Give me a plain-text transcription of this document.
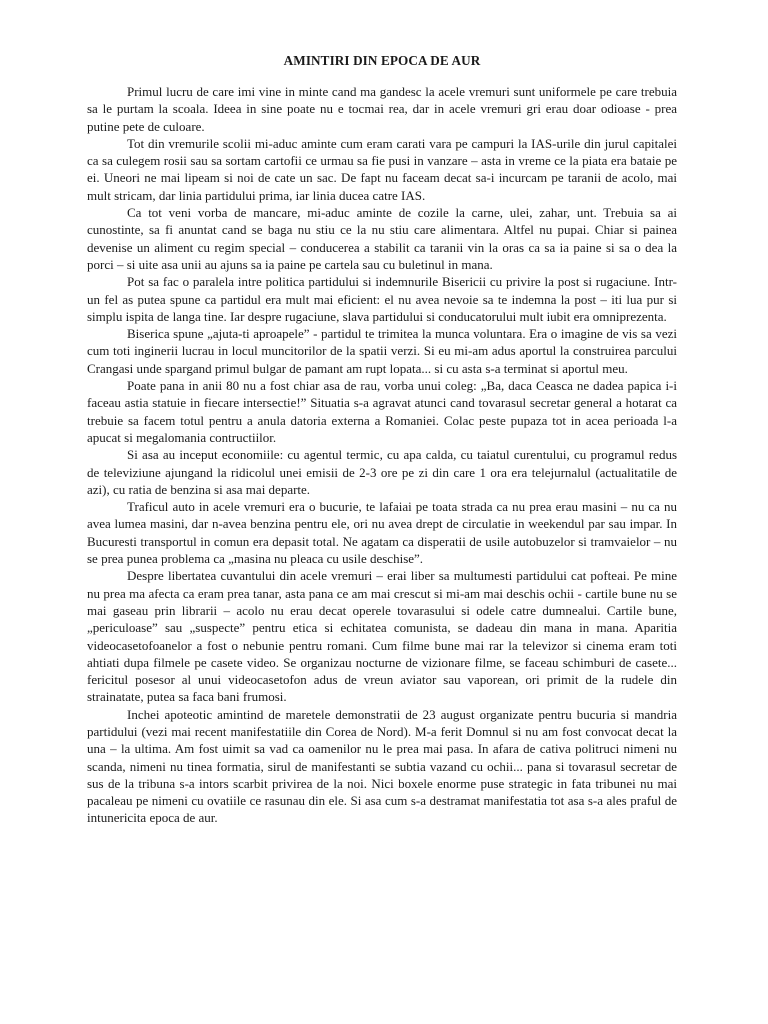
AMINTIRI DIN EPOCA DE AUR

Primul lucru de care imi vine in minte cand ma gandesc la acele vremuri sunt uniformele pe care trebuia sa le purtam la scoala. Ideea in sine poate nu e tocmai rea, dar in acele vremuri gri erau doar odioase - prea putine pete de culoare.

Tot din vremurile scolii mi-aduc aminte cum eram carati vara pe campuri la IAS-urile din jurul capitalei ca sa culegem rosii sau sa sortam cartofii ce urmau sa fie pusi in vanzare – asta in vreme ce la piata era bataie pe ei. Uneori ne mai lipeam si noi de cate un sac. De fapt nu faceam decat sa-i incurcam pe taranii de acolo, mai mult stricam, dar linia partidului prima, iar linia ducea catre IAS.

Ca tot veni vorba de mancare, mi-aduc aminte de cozile la carne, ulei, zahar, unt. Trebuia sa ai cunostinte, sa fi anuntat cand se baga nu stiu ce la nu stiu care alimentara. Altfel nu pupai. Chiar si painea devenise un aliment cu regim special – conducerea a stabilit ca taranii vin la oras ca sa ia paine si sa o dea la porci – si uite asa unii au ajuns sa ia paine pe cartela sau cu buletinul in mana.

Pot sa fac o paralela intre politica partidului si indemnurile Bisericii cu privire la post si rugaciune. Intr-un fel as putea spune ca partidul era mult mai eficient: el nu avea nevoie sa te indemna la post – iti lua pur si simplu ispita de langa tine. Iar despre rugaciune, slava partidului si conducatorului mult iubit era omniprezenta.

Biserica spune „ajuta-ti aproapele” - partidul te trimitea la munca voluntara. Era o imagine de vis sa vezi cum toti inginerii lucrau in locul muncitorilor de la spatii verzi. Si eu mi-am adus aportul la construirea parcului Crangasi unde spargand primul bulgar de pamant am rupt lopata... si cu asta s-a terminat si aportul meu.

Poate pana in anii 80 nu a fost chiar asa de rau, vorba unui coleg: „Ba, daca Ceasca ne dadea papica i-i faceau astia statuie in fiecare intersectie!” Situatia s-a agravat atunci cand tovarasul secretar general a hotarat ca trebuie sa facem totul pentru a anula datoria externa a Romaniei. Colac peste pupaza tot in acea perioada l-a apucat si megalomania contructiilor.

Si asa au inceput economiile: cu agentul termic, cu apa calda, cu taiatul curentului, cu programul redus de televiziune ajungand la ridicolul unei emisii de 2-3 ore pe zi din care 1 ora era telejurnalul (actualitatile de azi), cu ratia de benzina si asa mai departe.

Traficul auto in acele vremuri era o bucurie, te lafaiai pe toata strada ca nu prea erau masini – nu ca nu avea lumea masini, dar n-avea benzina pentru ele, ori nu avea drept de circulatie in weekendul par sau impar. In Bucuresti transportul in comun era depasit total. Ne agatam ca disperatii de usile autobuzelor si tramvaielor – nu se prea punea problema ca „masina nu pleaca cu usile deschise”.

Despre libertatea cuvantului din acele vremuri – erai liber sa multumesti partidului cat pofteai. Pe mine nu prea ma afecta ca eram prea tanar, asta pana ce am mai crescut si mi-am mai deschis ochii - cartile bune nu se mai gaseau prin librarii – acolo nu erau decat operele tovarasului si odele catre dumnealui. Cartile bune, „periculoase” sau „suspecte” pentru etica si echitatea comunista, se dadeau din mana in mana. Aparitia videocasetofoanelor a fost o nebunie pentru romani. Cum filme bune mai rar la televizor si cinema eram toti ahtiati dupa filmele pe casete video. Se organizau nocturne de vizionare filme, se faceau schimburi de casete... fericitul posesor al unui videocasetofon adus de vreun aviator sau vaporean, ori primit de la rudele din strainatate, putea sa faca bani frumosi.

Inchei apoteotic amintind de maretele demonstratii de 23 august organizate pentru bucuria si mandria partidului (vezi mai recent manifestatiile din Corea de Nord). M-a ferit Domnul si nu am fost convocat decat la una – la ultima. Am fost uimit sa vad ca oamenilor nu le prea mai pasa. In afara de cativa politruci nimeni nu scanda, nimeni nu tinea formatia, sirul de manifestanti se subtia vazand cu ochii... pana si tovarasul secretar de sus de la tribuna s-a intors scarbit privirea de la noi. Nici boxele enorme puse strategic in fata tribunei nu mai pacaleau pe nimeni cu ovatiile ce rasunau din ele. Si asa cum s-a destramat manifestatia tot asa s-a ales praful de intunericita epoca de aur.
